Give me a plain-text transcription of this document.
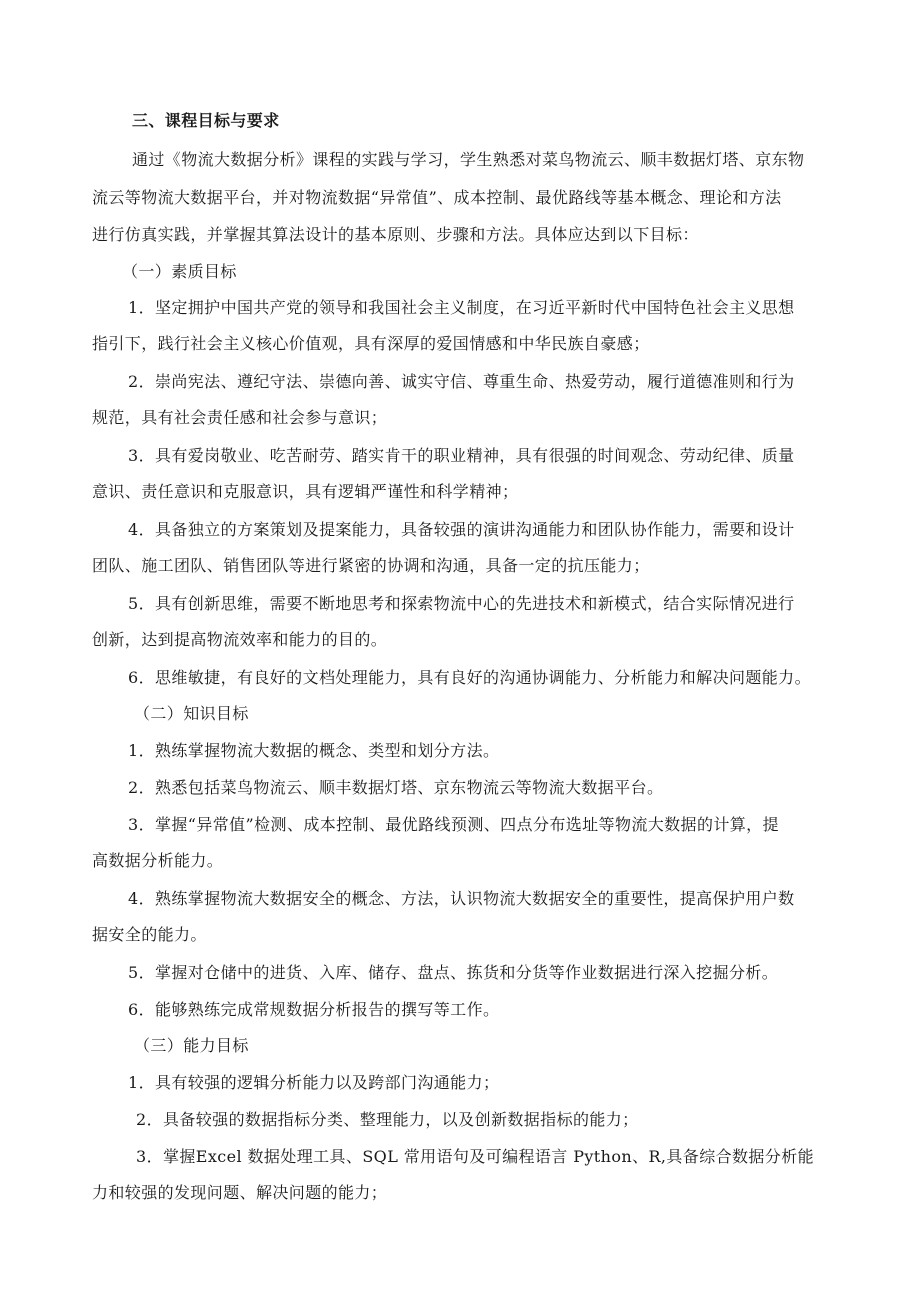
三、课程目标与要求
通过《物流大数据分析》课程的实践与学习，学生熟悉对菜鸟物流云、顺丰数据灯塔、京东物
流云等物流大数据平台，并对物流数据“异常值”、成本控制、最优路线等基本概念、理论和方法
进行仿真实践，并掌握其算法设计的基本原则、步骤和方法。具体应达到以下目标：
（一）素质目标
1．坚定拥护中国共产党的领导和我国社会主义制度，在习近平新时代中国特色社会主义思想
指引下，践行社会主义核心价值观，具有深厚的爱国情感和中华民族自豪感；
2．崇尚宪法、遵纪守法、崇德向善、诚实守信、尊重生命、热爱劳动，履行道德准则和行为
规范，具有社会责任感和社会参与意识；
3．具有爱岗敬业、吃苦耐劳、踏实肯干的职业精神，具有很强的时间观念、劳动纪律、质量
意识、责任意识和克服意识，具有逻辑严谨性和科学精神；
4．具备独立的方案策划及提案能力，具备较强的演讲沟通能力和团队协作能力，需要和设计
团队、施工团队、销售团队等进行紧密的协调和沟通，具备一定的抗压能力；
5．具有创新思维，需要不断地思考和探索物流中心的先进技术和新模式，结合实际情况进行
创新，达到提高物流效率和能力的目的。
6．思维敏捷，有良好的文档处理能力，具有良好的沟通协调能力、分析能力和解决问题能力。
（二）知识目标
1．熟练掌握物流大数据的概念、类型和划分方法。
2．熟悉包括菜鸟物流云、顺丰数据灯塔、京东物流云等物流大数据平台。
3．掌握“异常值”检测、成本控制、最优路线预测、四点分布选址等物流大数据的计算，提
高数据分析能力。
4．熟练掌握物流大数据安全的概念、方法，认识物流大数据安全的重要性，提高保护用户数
据安全的能力。
5．掌握对仓储中的进货、入库、储存、盘点、拣货和分货等作业数据进行深入挖掘分析。
6．能够熟练完成常规数据分析报告的撰写等工作。
（三）能力目标
1．具有较强的逻辑分析能力以及跨部门沟通能力；
2．具备较强的数据指标分类、整理能力，以及创新数据指标的能力；
3．掌握Excel 数据处理工具、SQL 常用语句及可编程语言 Python、R,具备综合数据分析能
力和较强的发现问题、解决问题的能力；
